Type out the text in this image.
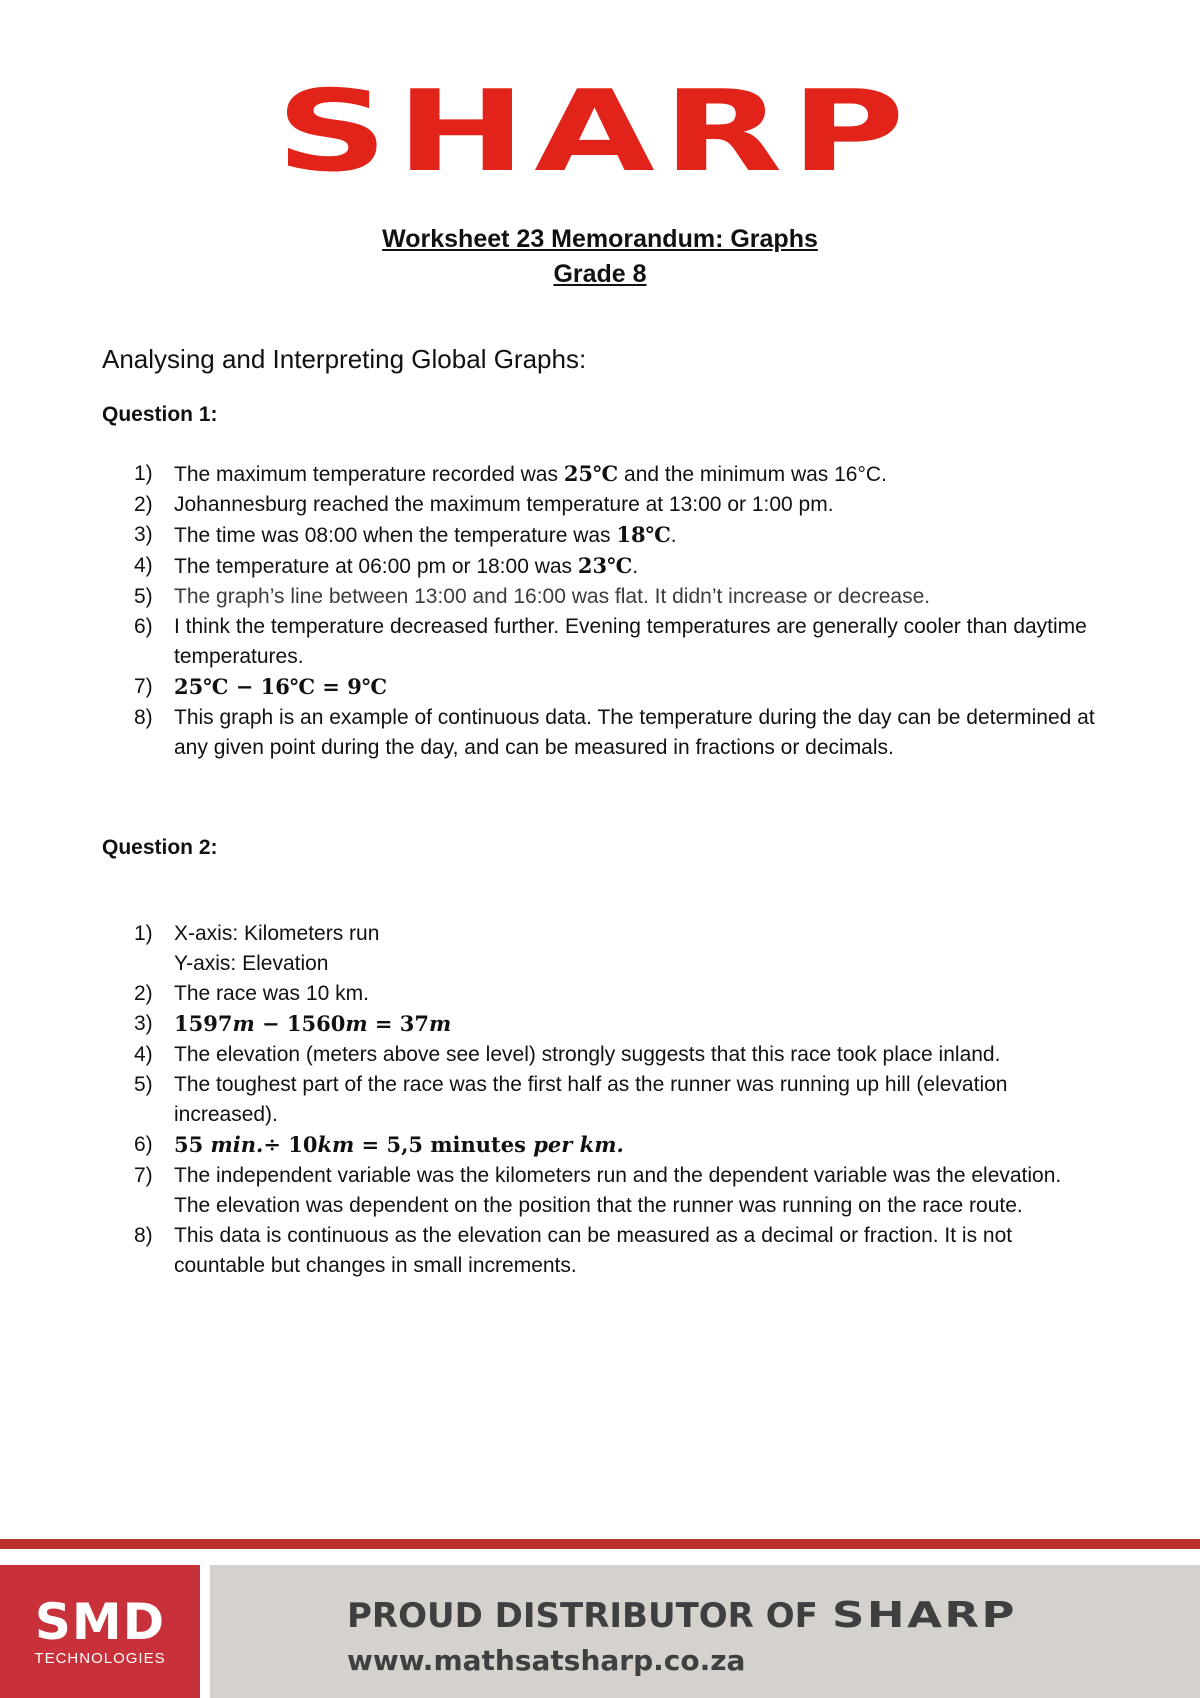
SHARP
Worksheet 23 Memorandum: Graphs
Grade 8
Analysing and Interpreting Global Graphs:
Question 1:
1)	The maximum temperature recorded was 25℃ and the minimum was 16°C.
2)	Johannesburg reached the maximum temperature at 13:00 or 1:00 pm.
3)	The time was 08:00 when the temperature was 18℃.
4)	The temperature at 06:00 pm or 18:00 was 23℃.
5)	The graph’s line between 13:00 and 16:00 was flat. It didn’t increase or decrease.
6)	I think the temperature decreased further. Evening temperatures are generally cooler than daytime temperatures.
7)	25℃ − 16℃ = 9℃
8)	This graph is an example of continuous data. The temperature during the day can be determined at any given point during the day, and can be measured in fractions or decimals.
Question 2:
1)	X-axis: Kilometers run
Y-axis: Elevation
2)	The race was 10 km.
3)	1597m − 1560m = 37m
4)	The elevation (meters above see level) strongly suggests that this race took place inland.
5)	The toughest part of the race was the first half as the runner was running up hill (elevation increased).
6)	55 min.÷ 10km = 5,5 minutes per km.
7)	The independent variable was the kilometers run and the dependent variable was the elevation. The elevation was dependent on the position that the runner was running on the race route.
8)	This data is continuous as the elevation can be measured as a decimal or fraction. It is not countable but changes in small increments.
SMD
TECHNOLOGIES
PROUD DISTRIBUTOR OF SHARP
www.mathsatsharp.co.za
